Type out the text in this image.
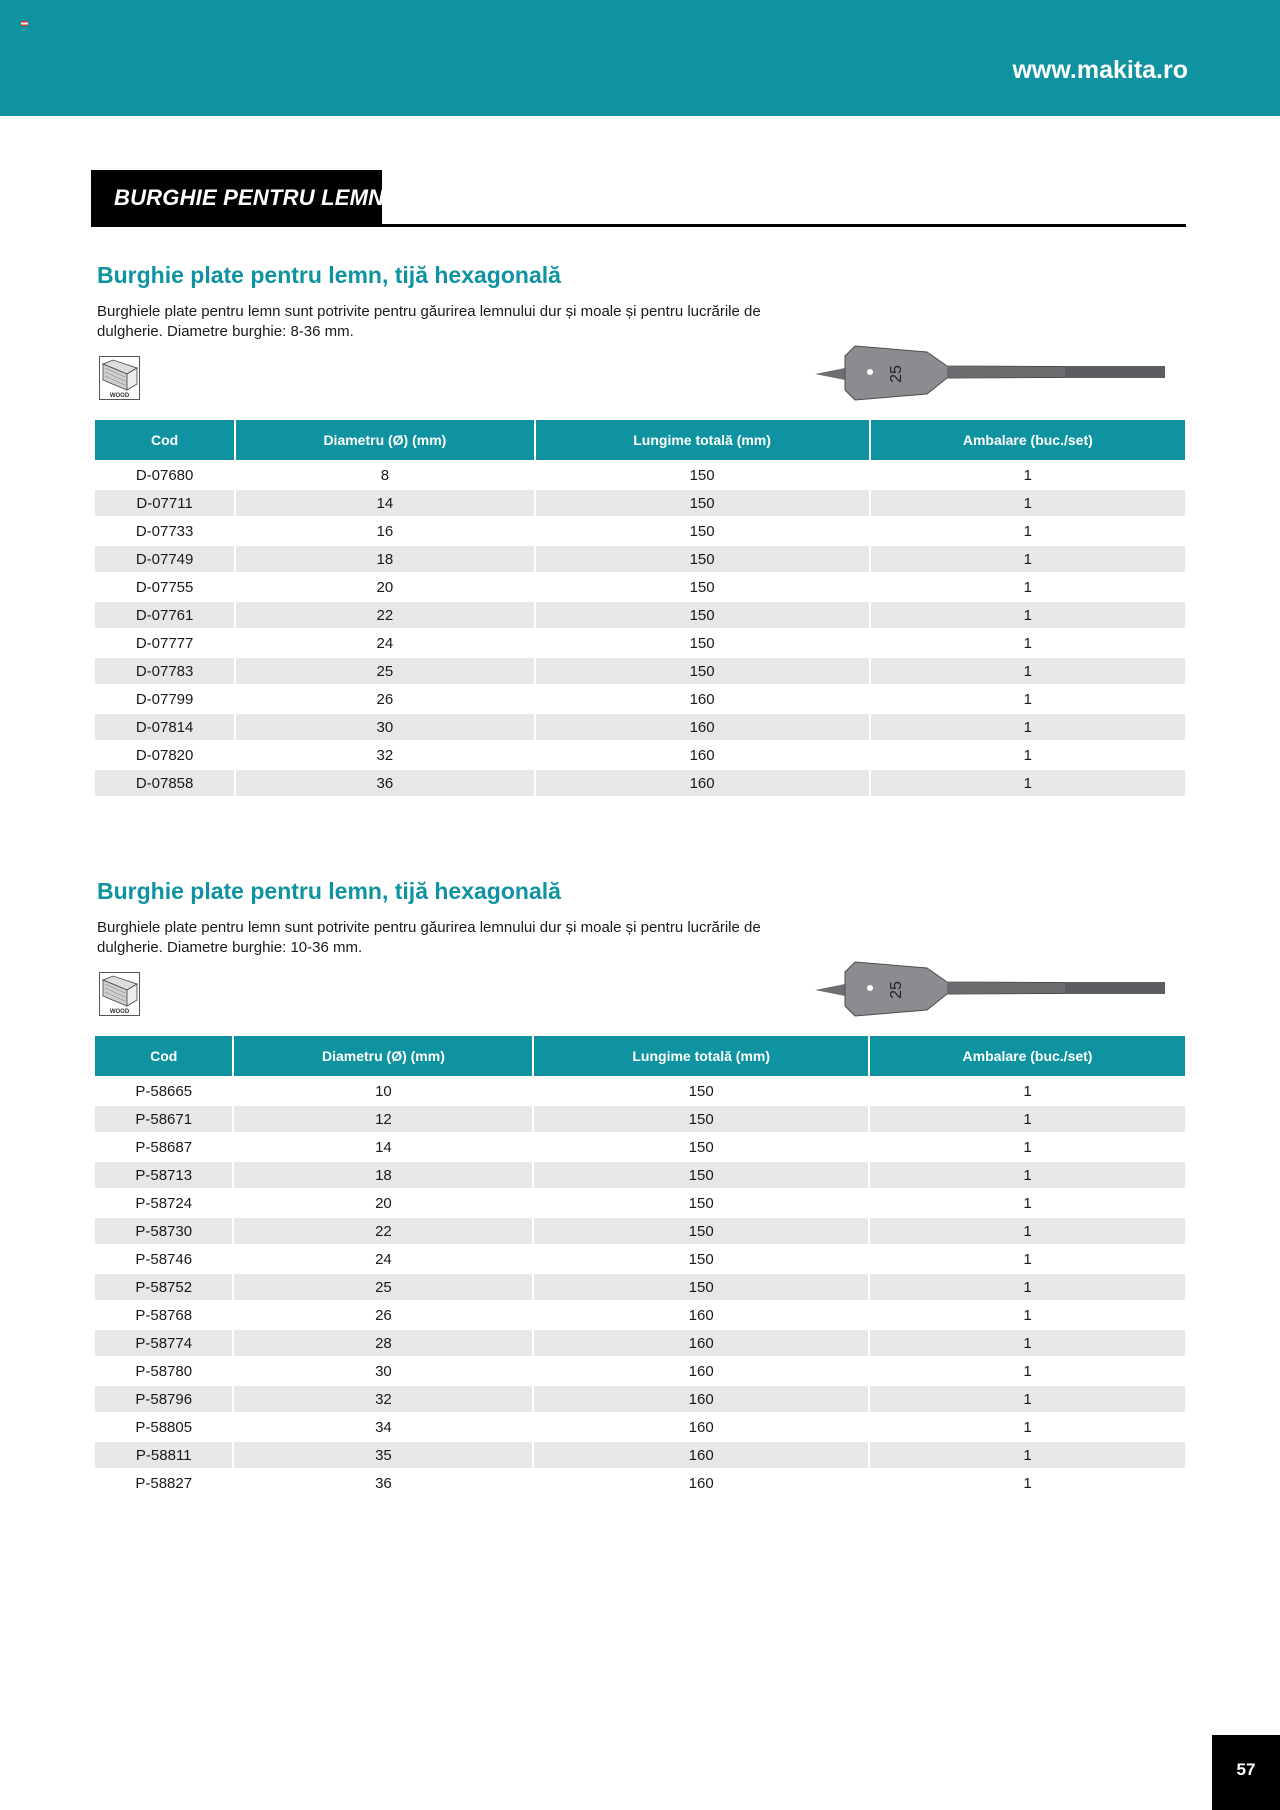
www.makita.ro
BURGHIE PENTRU LEMN
Burghie plate pentru lemn, tijă hexagonală

Burghiele plate pentru lemn sunt potrivite pentru găurirea lemnului dur și moale și pentru lucrările de dulgherie. Diametre burghie: 8-36 mm.

WOOD
25
Cod	Diametru (Ø) (mm)	Lungime totală (mm)	Ambalare (buc./set)
D-07680	8	150	1
D-07711	14	150	1
D-07733	16	150	1
D-07749	18	150	1
D-07755	20	150	1
D-07761	22	150	1
D-07777	24	150	1
D-07783	25	150	1
D-07799	26	160	1
D-07814	30	160	1
D-07820	32	160	1
D-07858	36	160	1
Burghie plate pentru lemn, tijă hexagonală

Burghiele plate pentru lemn sunt potrivite pentru găurirea lemnului dur și moale și pentru lucrările de dulgherie. Diametre burghie: 10-36 mm.

WOOD
25
Cod	Diametru (Ø) (mm)	Lungime totală (mm)	Ambalare (buc./set)
P-58665	10	150	1
P-58671	12	150	1
P-58687	14	150	1
P-58713	18	150	1
P-58724	20	150	1
P-58730	22	150	1
P-58746	24	150	1
P-58752	25	150	1
P-58768	26	160	1
P-58774	28	160	1
P-58780	30	160	1
P-58796	32	160	1
P-58805	34	160	1
P-58811	35	160	1
P-58827	36	160	1
57
